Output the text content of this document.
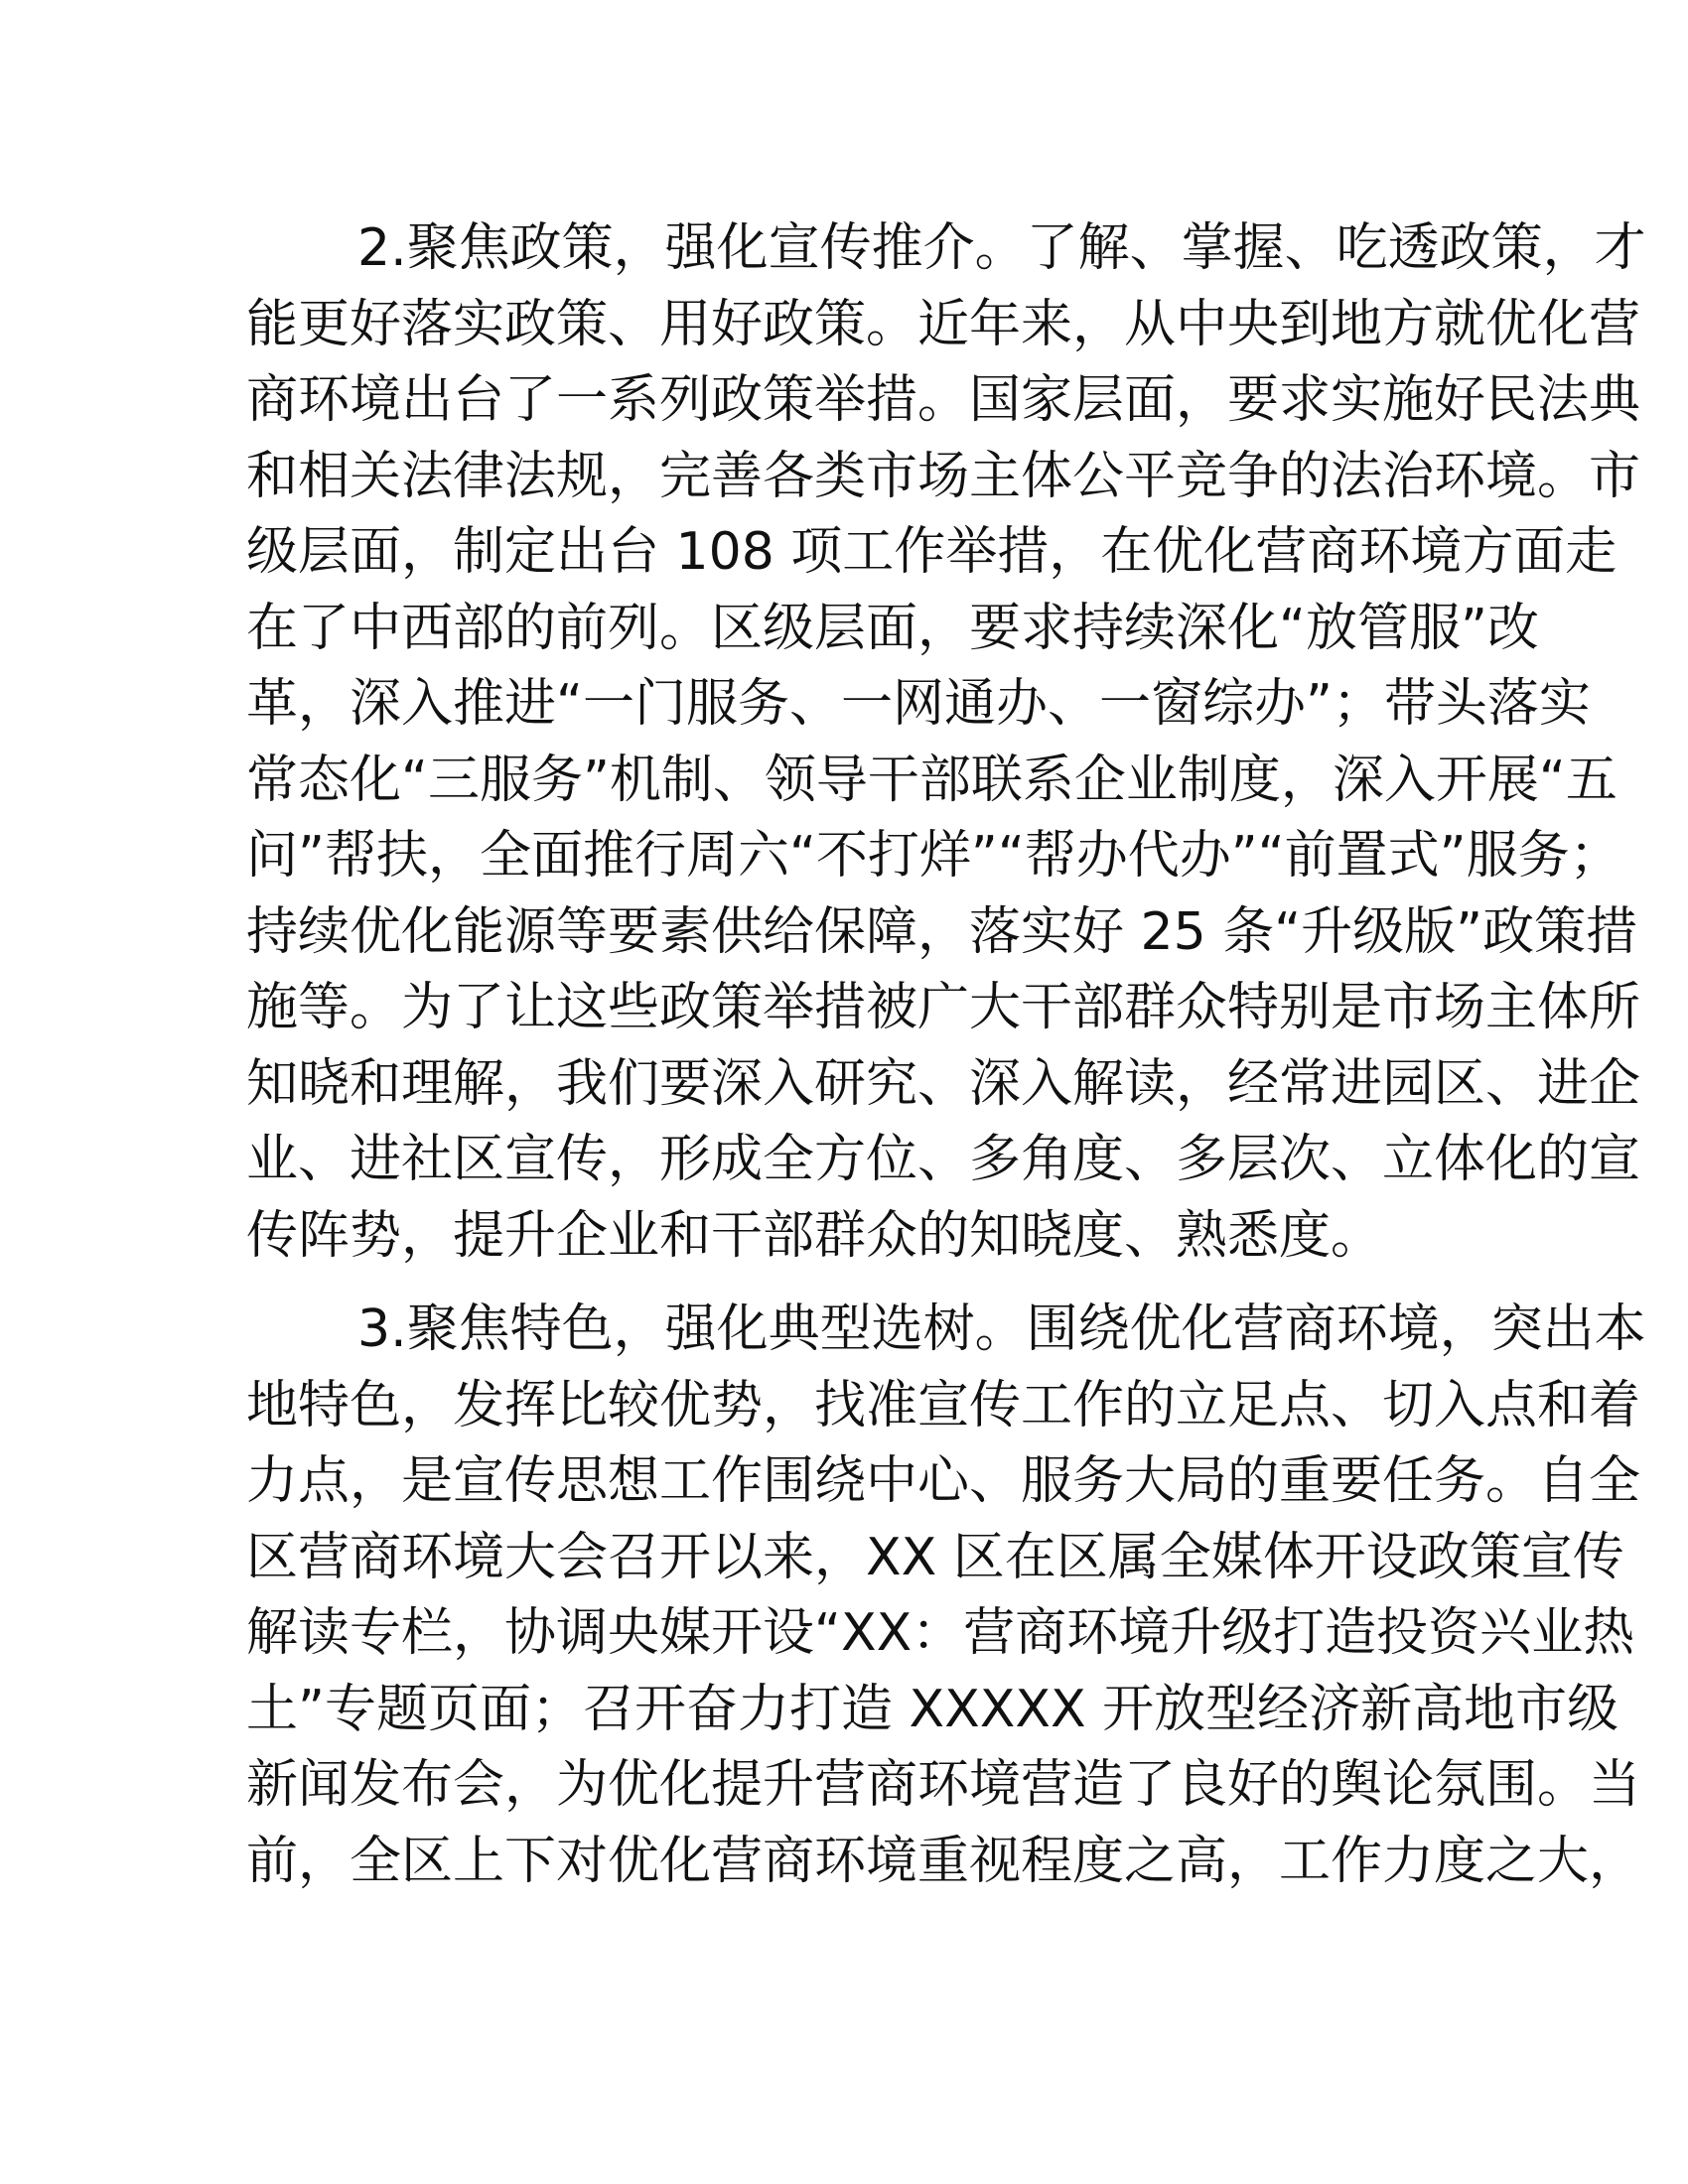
2.聚焦政策，强化宣传推介。了解、掌握、吃透政策，才
能更好落实政策、用好政策。近年来，从中央到地方就优化营
商环境出台了一系列政策举措。国家层面，要求实施好民法典
和相关法律法规，完善各类市场主体公平竞争的法治环境。市
级层面，制定出台 108 项工作举措，在优化营商环境方面走
在了中西部的前列。区级层面，要求持续深化“放管服”改
革，深入推进“一门服务、一网通办、一窗综办”；带头落实
常态化“三服务”机制、领导干部联系企业制度，深入开展“五
问”帮扶，全面推行周六“不打烊”“帮办代办”“前置式”服务；
持续优化能源等要素供给保障，落实好 25 条“升级版”政策措
施等。为了让这些政策举措被广大干部群众特别是市场主体所
知晓和理解，我们要深入研究、深入解读，经常进园区、进企
业、进社区宣传，形成全方位、多角度、多层次、立体化的宣
传阵势，提升企业和干部群众的知晓度、熟悉度。
3.聚焦特色，强化典型选树。围绕优化营商环境，突出本
地特色，发挥比较优势，找准宣传工作的立足点、切入点和着
力点，是宣传思想工作围绕中心、服务大局的重要任务。自全
区营商环境大会召开以来，XX 区在区属全媒体开设政策宣传
解读专栏，协调央媒开设“XX：营商环境升级打造投资兴业热
土”专题页面；召开奋力打造 XXXXX 开放型经济新高地市级
新闻发布会，为优化提升营商环境营造了良好的舆论氛围。当
前，全区上下对优化营商环境重视程度之高，工作力度之大，
